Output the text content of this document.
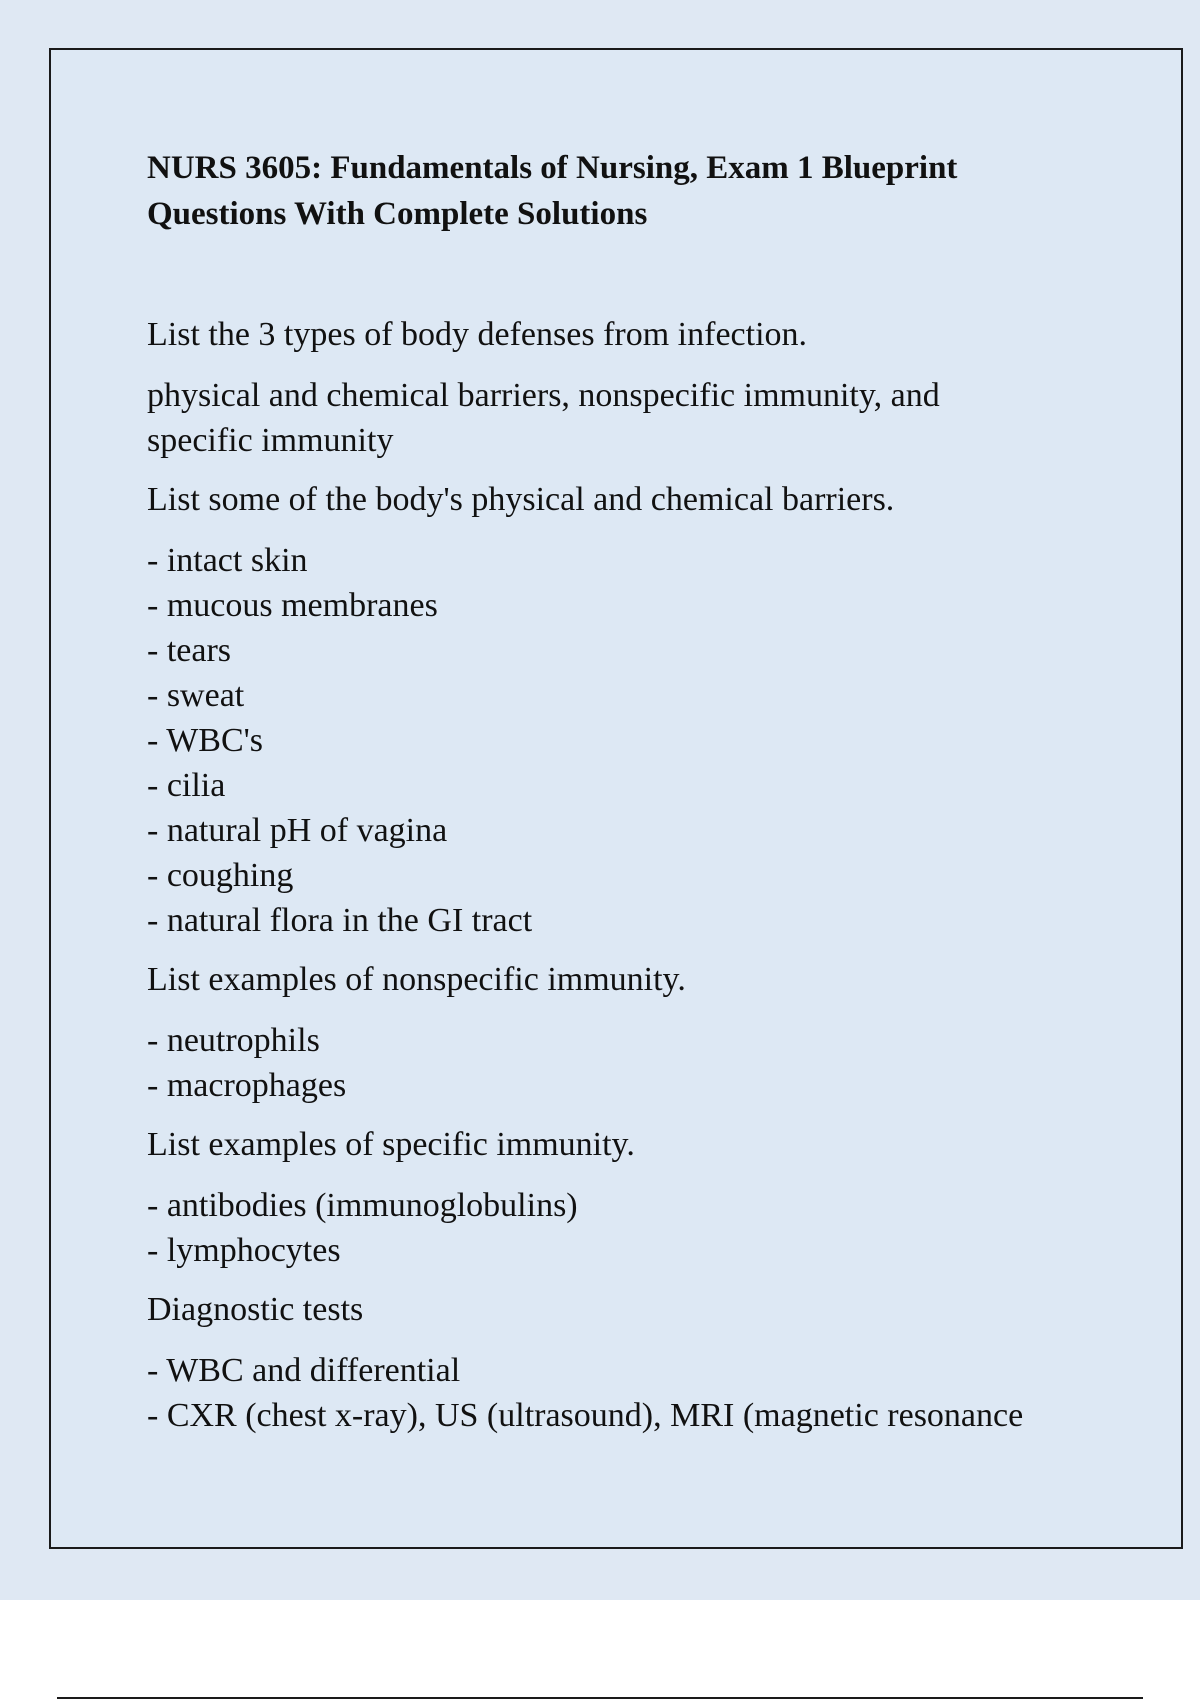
NURS 3605: Fundamentals of Nursing, Exam 1 Blueprint
Questions With Complete Solutions

List the 3 types of body defenses from infection.

physical and chemical barriers, nonspecific immunity, and
specific immunity

List some of the body's physical and chemical barriers.

- intact skin
- mucous membranes
- tears
- sweat
- WBC's
- cilia
- natural pH of vagina
- coughing
- natural flora in the GI tract

List examples of nonspecific immunity.

- neutrophils
- macrophages

List examples of specific immunity.

- antibodies (immunoglobulins)
- lymphocytes

Diagnostic tests

- WBC and differential
- CXR (chest x-ray), US (ultrasound), MRI (magnetic resonance
